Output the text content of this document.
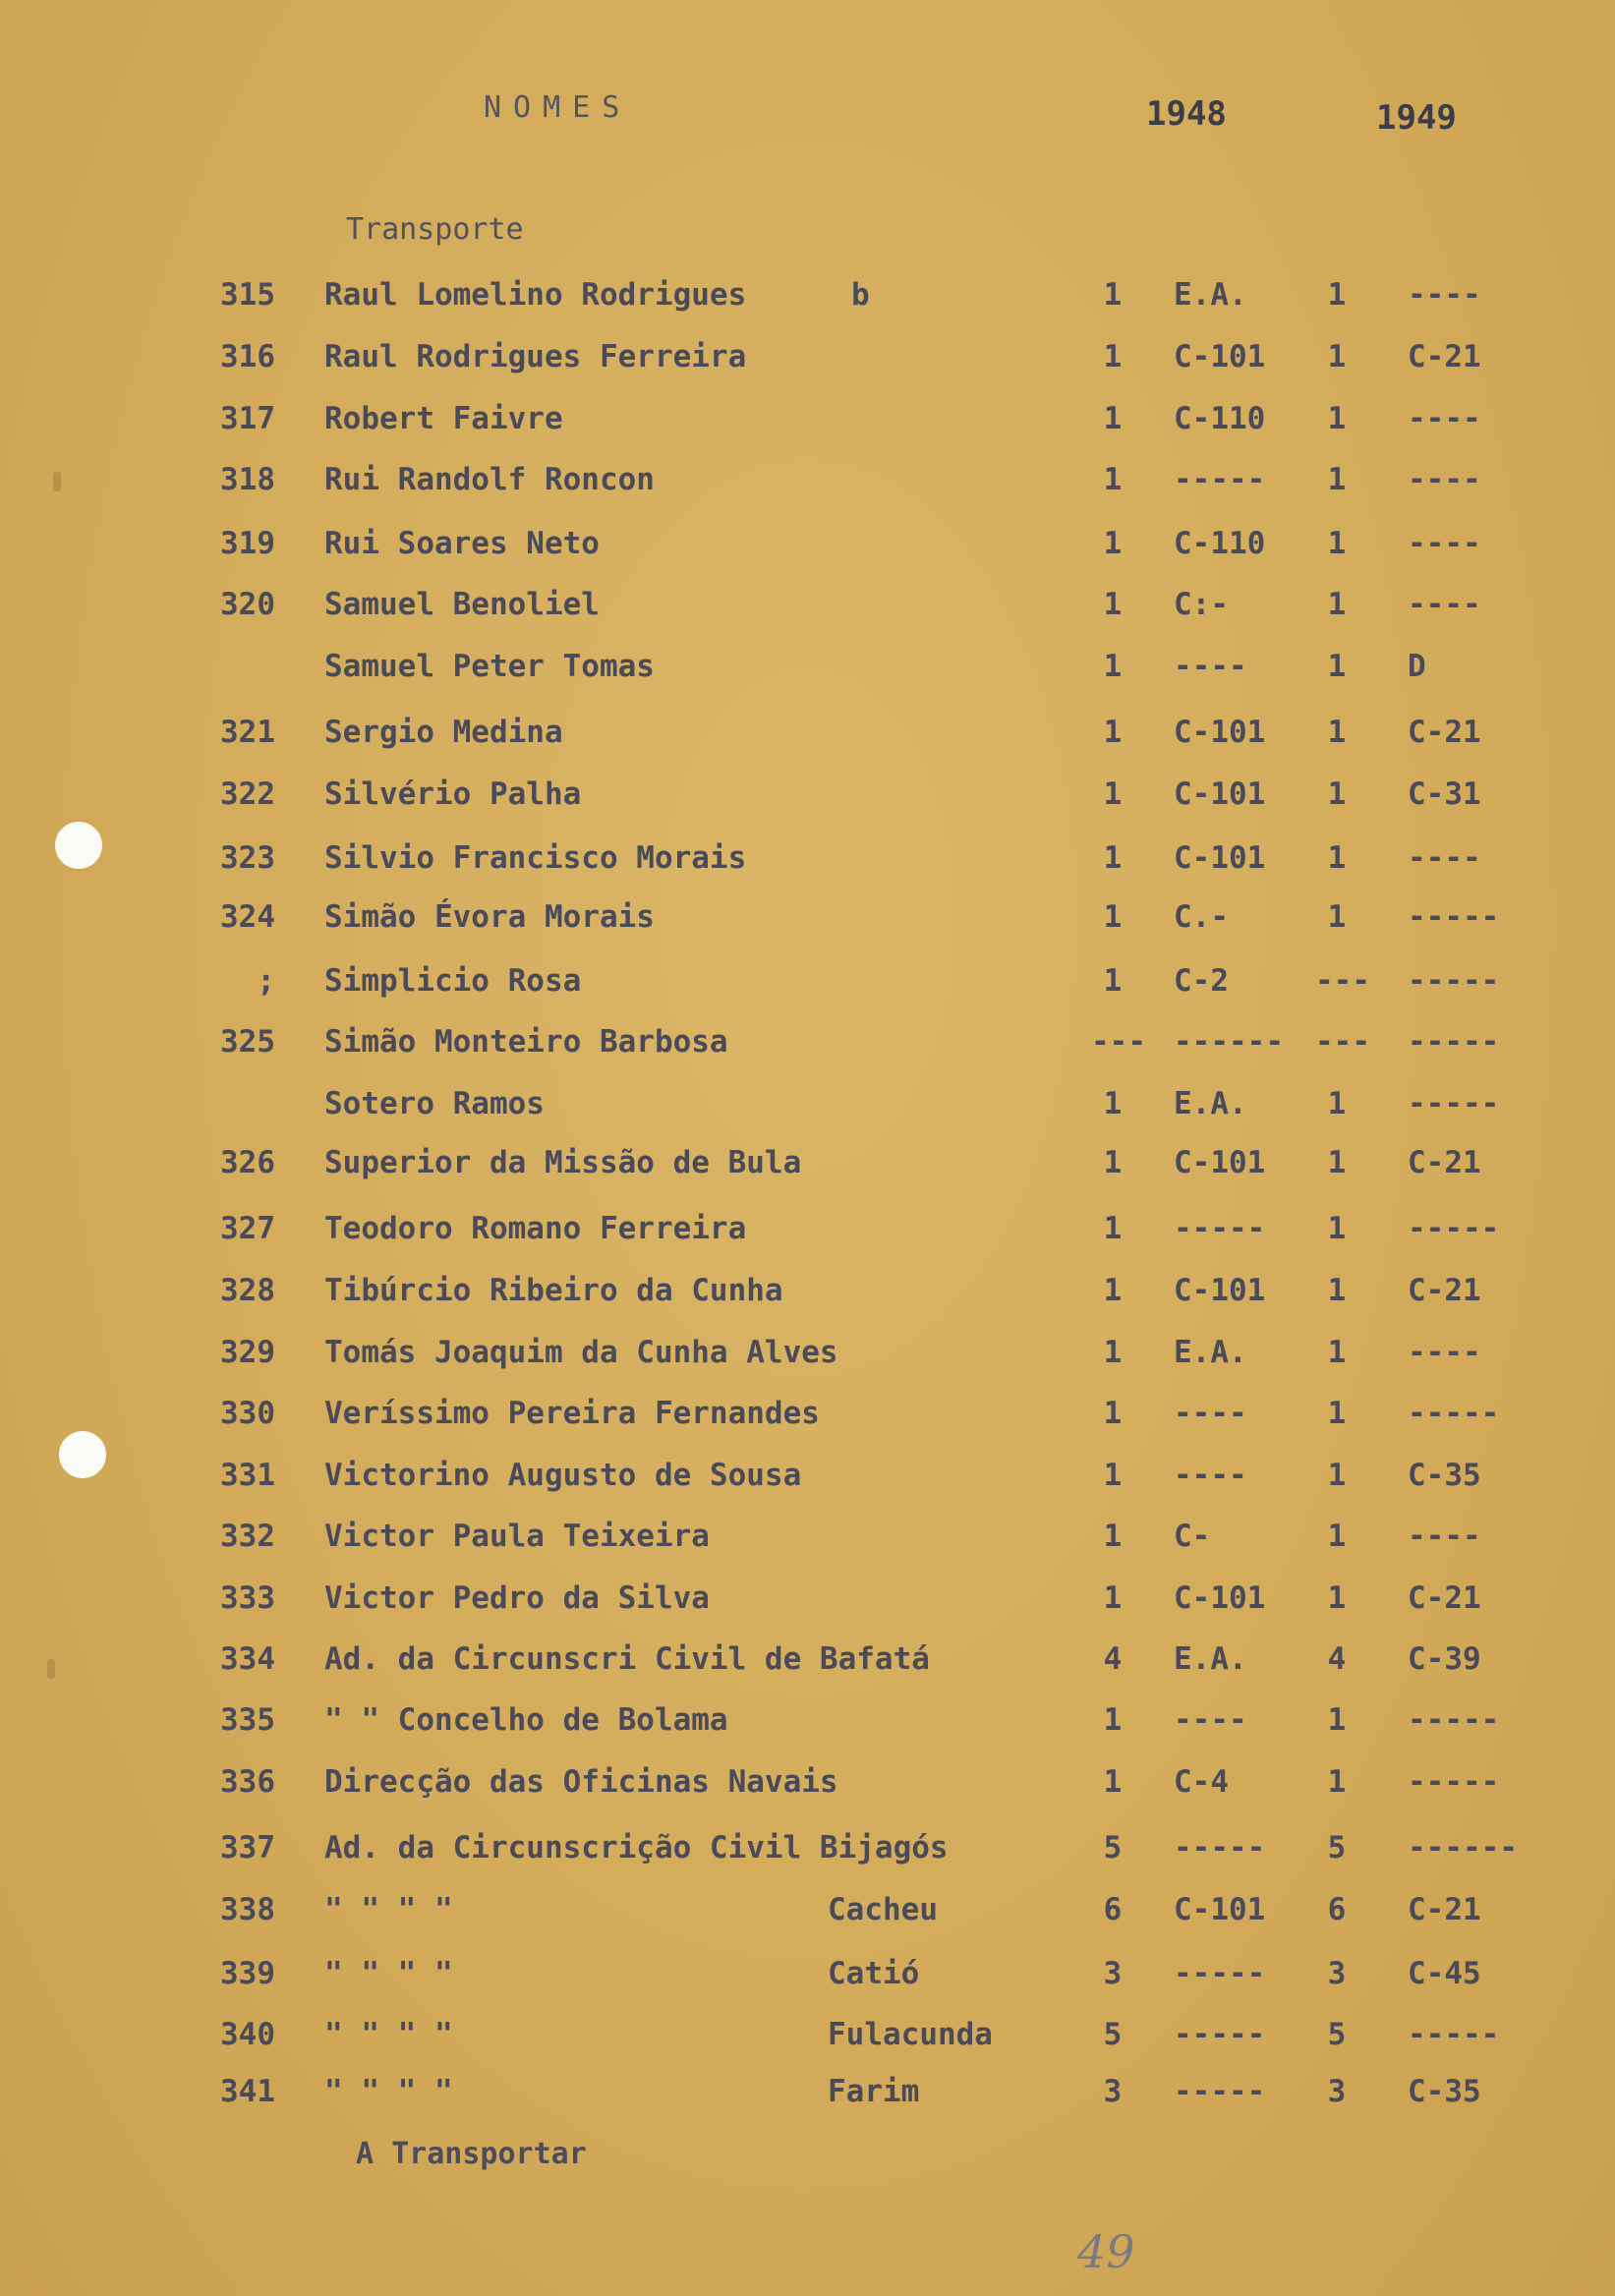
NOMES	1948	1949
Transporte
315 Raul Lomelino Rodrigues	b	1	E.A.	1	----
316 Raul Rodrigues Ferreira	1	C-101	1	C-21
317 Robert Faivre	1	C-110	1	----
318 Rui Randolf Roncon	1	-----	1	----
319 Rui Soares Neto	1	C-110	1	----
320 Samuel Benoliel	1	C:-	1	----
Samuel Peter Tomas	1	----	1	D
321 Sergio Medina	1	C-101	1	C-21
322 Silvério Palha	1	C-101	1	C-31
323 Silvio Francisco Morais	1	C-101	1	----
324 Simão Évora Morais	1	C.-	1	-----
; Simplicio Rosa	1	C-2	--- -----
325 Simão Monteiro Barbosa	--- ------ --- -----
Sotero Ramos	1	E.A.	1	-----
326 Superior da Missão de Bula	1	C-101	1	C-21
327 Teodoro Romano Ferreira	1	-----	1	-----
328 Tibúrcio Ribeiro da Cunha	1	C-101	1	C-21
329 Tomás Joaquim da Cunha Alves	1	E.A.	1	----
330 Veríssimo Pereira Fernandes	1	----	1	-----
331 Victorino Augusto de Sousa	1	----	1	C-35
332 Victor Paula Teixeira	1	C-	1	----
333 Victor Pedro da Silva	1	C-101	1	C-21
334 Ad. da Circunscri Civil de Bafatá	4	E.A.	4	C-39
335 " " Concelho de Bolama	1	----	1	-----
336 Direcção das Oficinas Navais	1	C-4	1	-----
337 Ad. da Circunscrição Civil Bijagós	5	-----	5	------
338 " " " "	Cacheu	6	C-101	6	C-21
339 " " " "	Catió	3	-----	3	C-45
340 " " " "	Fulacunda	5	-----	5	-----
341 " " " "	Farim	3	-----	3	C-35
A Transportar
49
